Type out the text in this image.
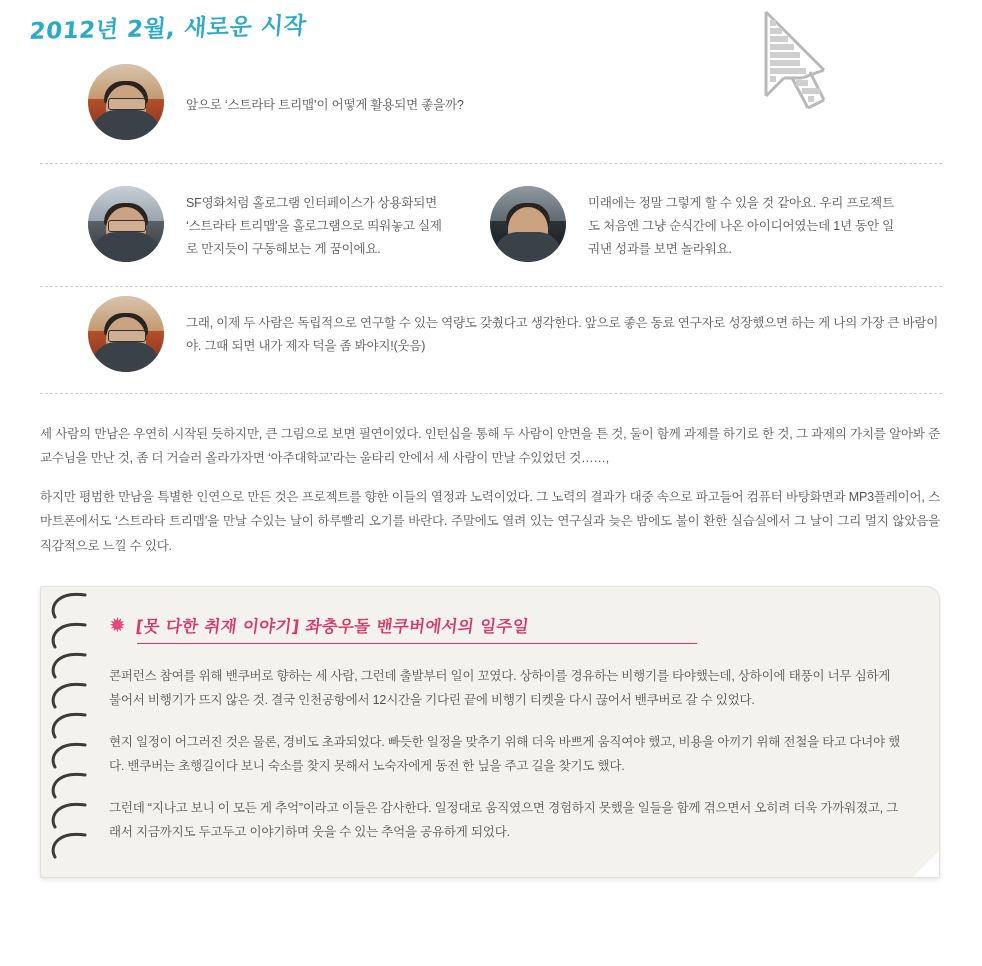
2012년 2월, 새로운 시작
앞으로 ‘스트라타 트리맵’이 어떻게 활용되면 좋을까?
SF영화처럼 홀로그램 인터페이스가 상용화되면 ‘스트라타 트리맵’을 홀로그램으로 띄워놓고 실제로 만지듯이 구동해보는 게 꿈이에요.
미래에는 정말 그렇게 할 수 있을 것 같아요. 우리 프로젝트도 처음엔 그냥 순식간에 나온 아이디어였는데 1년 동안 일궈낸 성과를 보면 놀라워요.
그래, 이제 두 사람은 독립적으로 연구할 수 있는 역량도 갖췄다고 생각한다. 앞으로 좋은 동료 연구자로 성장했으면 하는 게 나의 가장 큰 바람이야. 그때 되면 내가 제자 덕을 좀 봐야지!(웃음)
세 사람의 만남은 우연히 시작된 듯하지만, 큰 그림으로 보면 필연이었다. 인턴십을 통해 두 사람이 안면을 튼 것, 둘이 함께 과제를 하기로 한 것, 그 과제의 가치를 알아봐 준 교수님을 만난 것, 좀 더 거슬러 올라가자면 ‘아주대학교’라는 울타리 안에서 세 사람이 만날 수있었던 것……,
하지만 평범한 만남을 특별한 인연으로 만든 것은 프로젝트를 향한 이들의 열정과 노력이었다. 그 노력의 결과가 대중 속으로 파고들어 컴퓨터 바탕화면과 MP3플레이어, 스마트폰에서도 ‘스트라타 트리맵’을 만날 수있는 날이 하루빨리 오기를 바란다. 주말에도 열려 있는 연구실과 늦은 밤에도 불이 환한 실습실에서 그 날이 그리 멀지 않았음을 직감적으로 느낄 수 있다.
✹ [못 다한 취재 이야기] 좌충우돌 밴쿠버에서의 일주일
콘퍼런스 참여를 위해 밴쿠버로 향하는 세 사람, 그런데 출발부터 일이 꼬였다. 상하이를 경유하는 비행기를 타야했는데, 상하이에 태풍이 너무 심하게 불어서 비행기가 뜨지 않은 것. 결국 인천공항에서 12시간을 기다린 끝에 비행기 티켓을 다시 끊어서 밴쿠버로 갈 수 있었다.
현지 일정이 어그러진 것은 물론, 경비도 초과되었다. 빠듯한 일정을 맞추기 위해 더욱 바쁘게 움직여야 했고, 비용을 아끼기 위해 전철을 타고 다녀야 했다. 밴쿠버는 초행길이다 보니 숙소를 찾지 못해서 노숙자에게 동전 한 닢을 주고 길을 찾기도 했다.
그런데 “지나고 보니 이 모든 게 추억”이라고 이들은 감사한다. 일정대로 움직였으면 경험하지 못했을 일들을 함께 겪으면서 오히려 더욱 가까워졌고, 그래서 지금까지도 두고두고 이야기하며 웃을 수 있는 추억을 공유하게 되었다.
